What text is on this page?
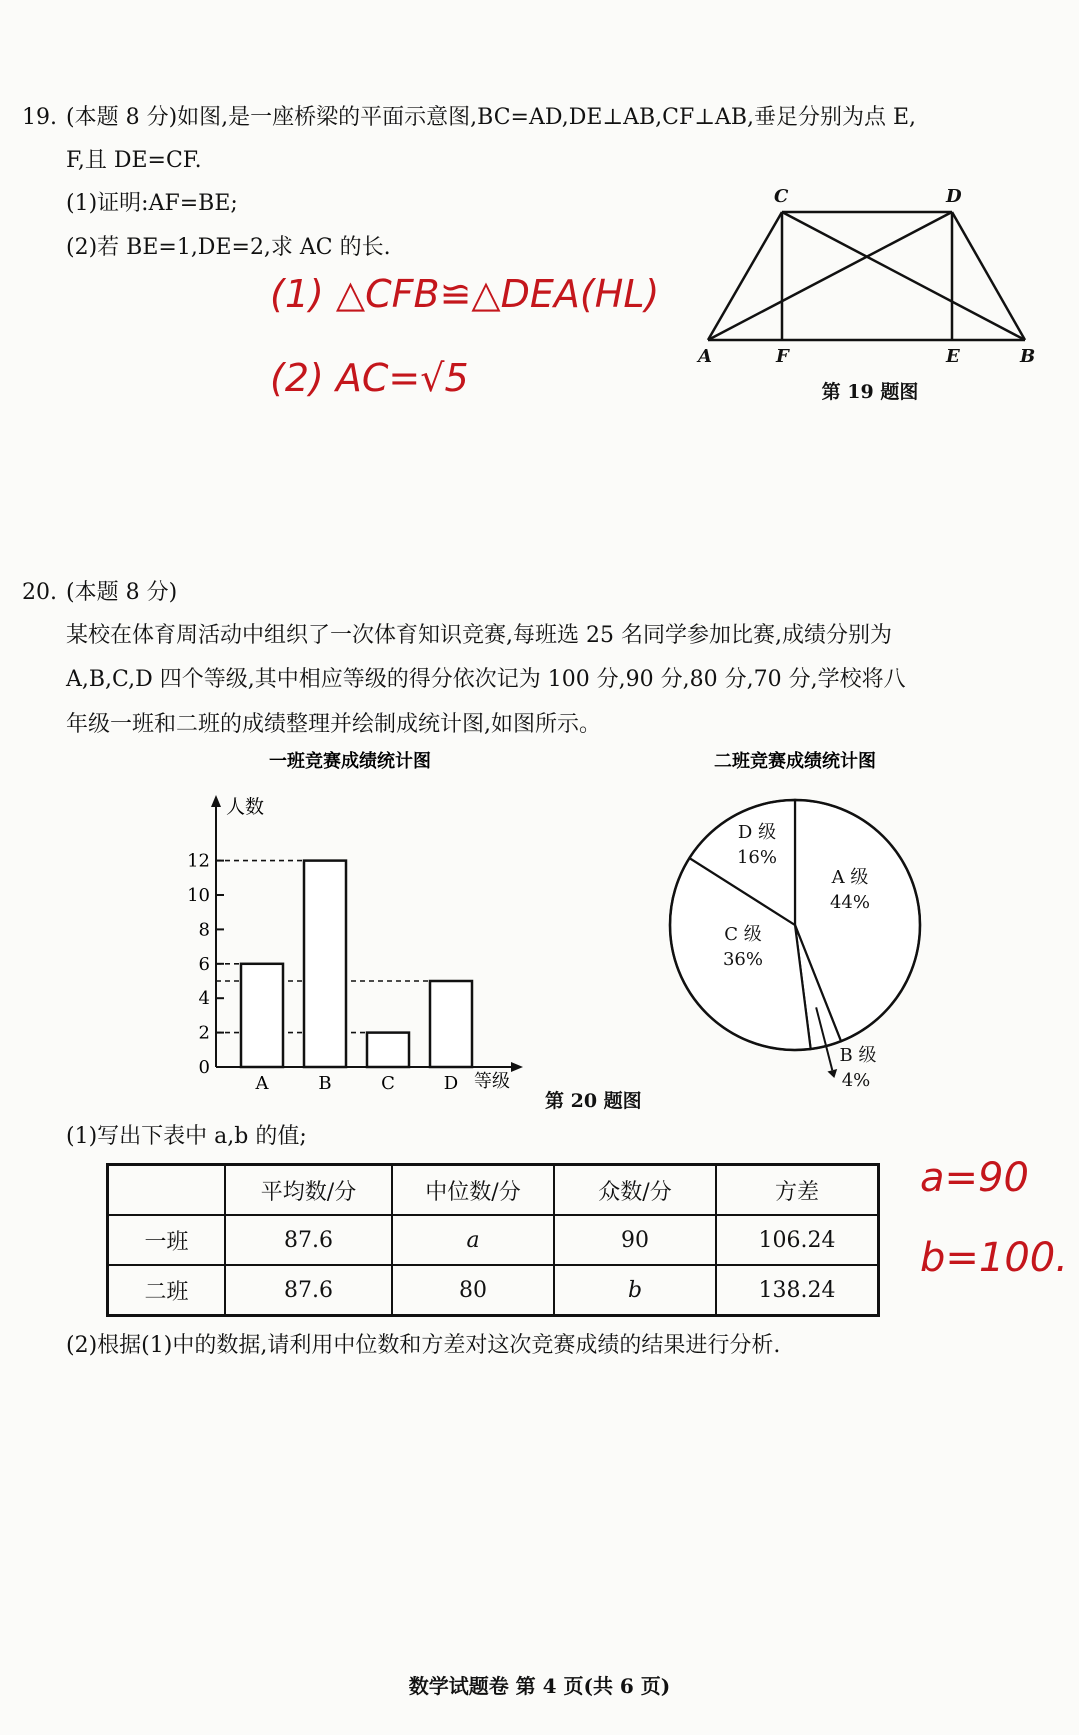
19. (本题 8 分)如图,是一座桥梁的平面示意图,BC=AD,DE⊥AB,CF⊥AB,垂足分别为点 E,
F,且 DE=CF.
(1)证明:AF=BE;
(2)若 BE=1,DE=2,求 AC 的长.
(1) △CFB≌△DEA(HL)
(2) AC=√5
C	D
A	F	E	B
第 19 题图
20. (本题 8 分)
某校在体育周活动中组织了一次体育知识竞赛,每班选 25 名同学参加比赛,成绩分别为
A,B,C,D 四个等级,其中相应等级的得分依次记为 100 分,90 分,80 分,70 分,学校将八
年级一班和二班的成绩整理并绘制成统计图,如图所示。
一班竞赛成绩统计图
人数
等级
0
2
4
6
8
10
12
A	B	C	D
二班竞赛成绩统计图
A 级
44%
C 级
36%
D 级
16%
B 级
4%
第 20 题图
(1)写出下表中 a,b 的值;
	平均数/分	中位数/分	众数/分	方差
一班	87.6	a	90	106.24
二班	87.6	80	b	138.24
a=90
b=100.
(2)根据(1)中的数据,请利用中位数和方差对这次竞赛成绩的结果进行分析.
数学试题卷 第 4 页(共 6 页)
